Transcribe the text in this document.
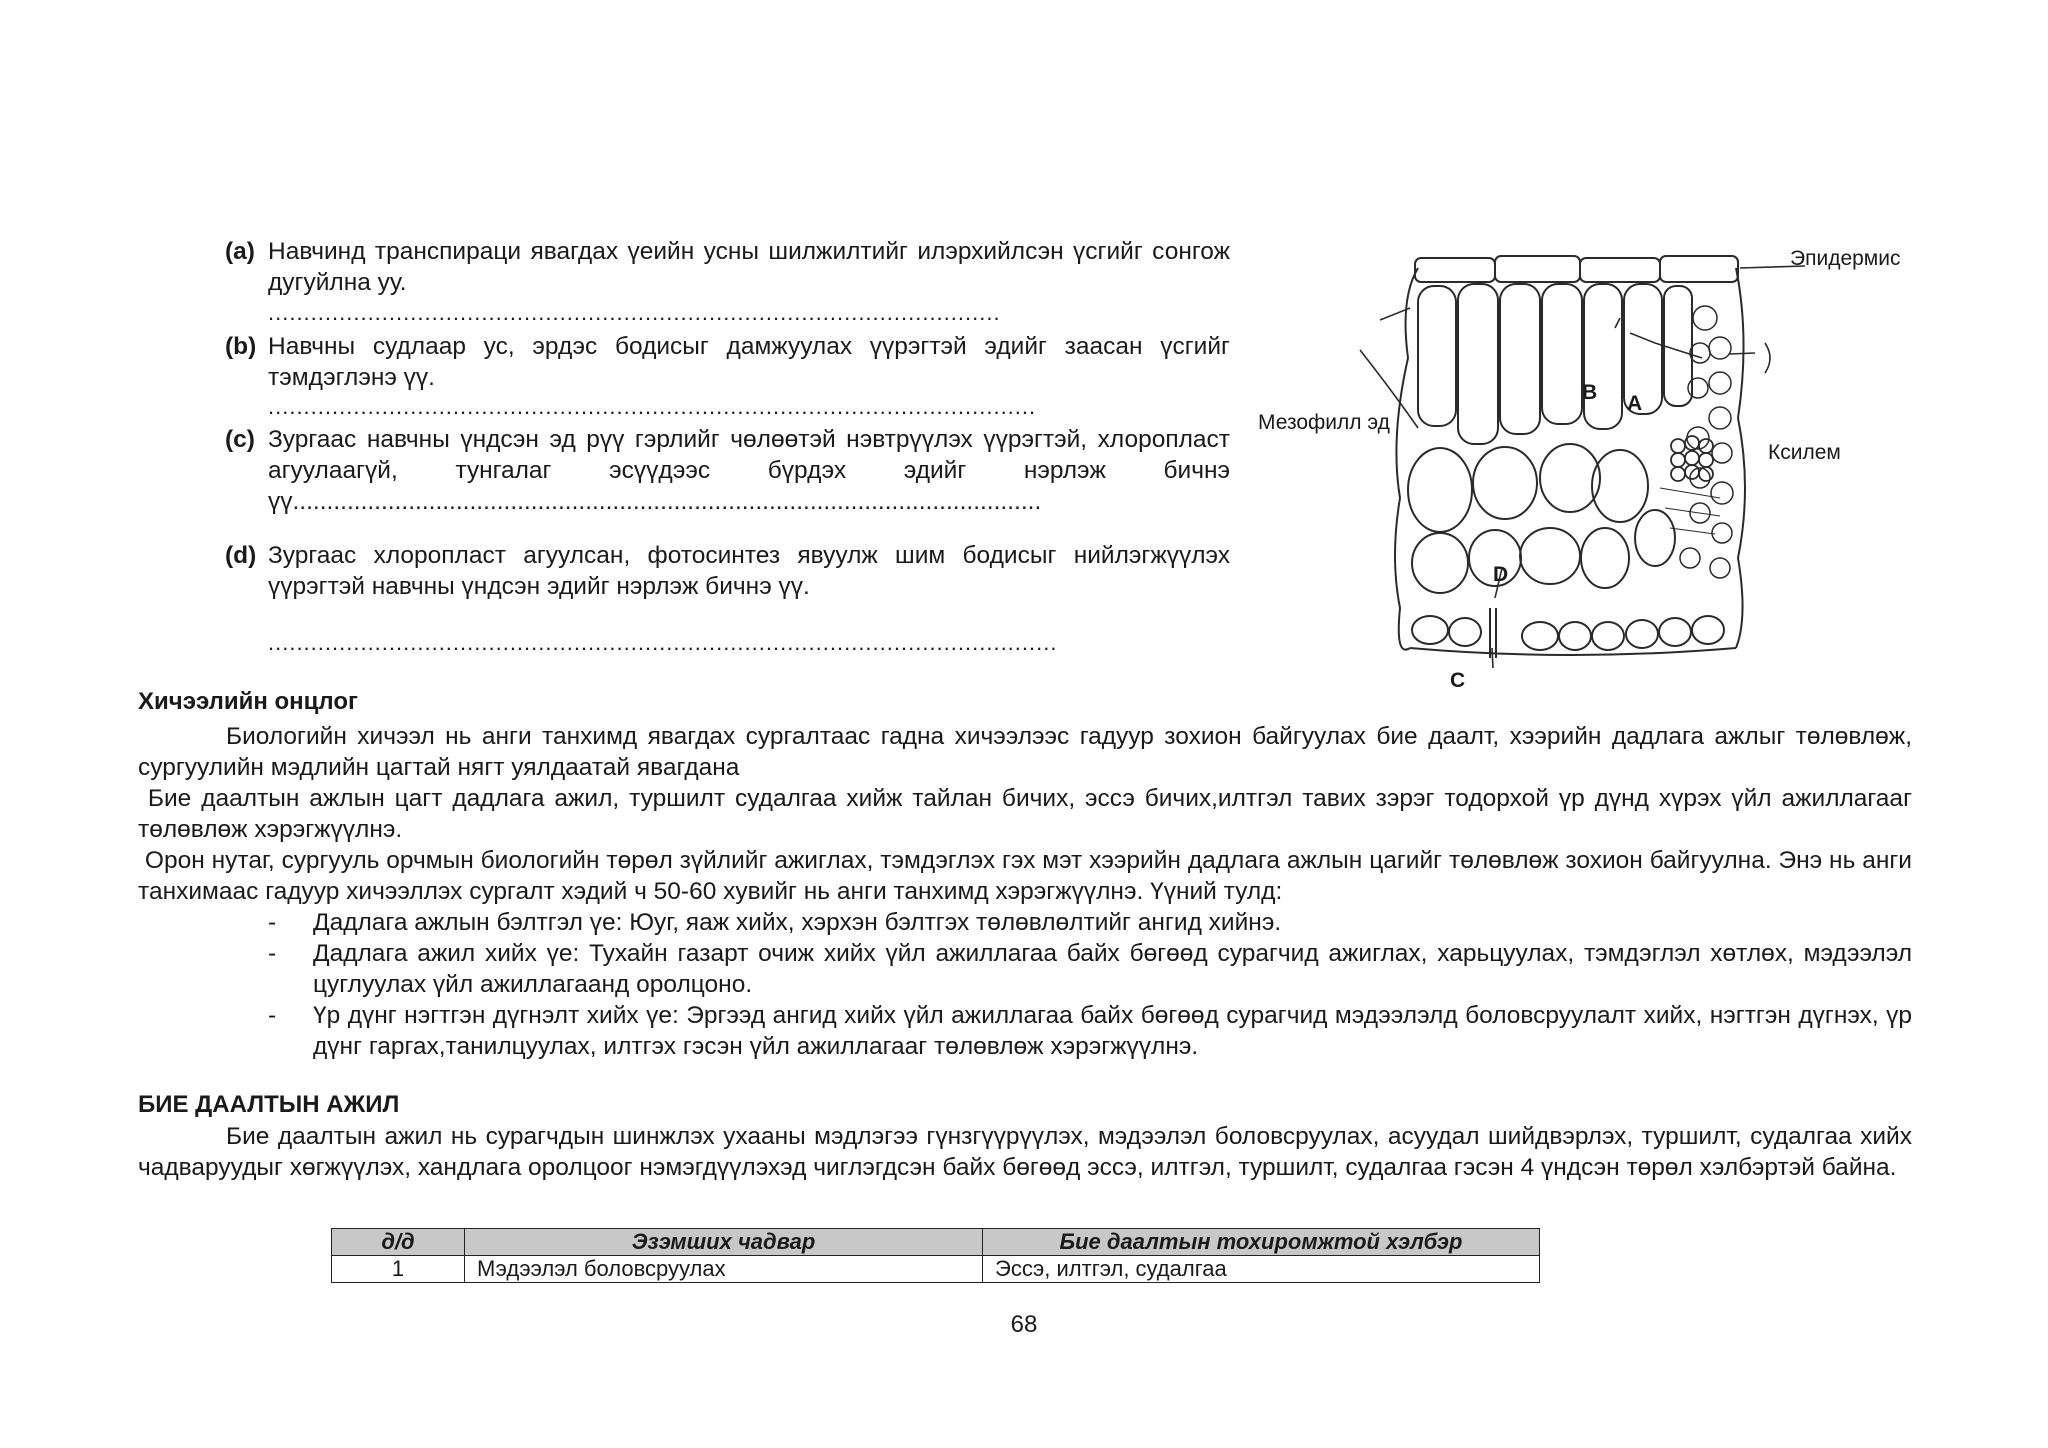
(a) Навчинд транспираци явагдах үеийн усны шилжилтийг илэрхийлсэн үсгийг сонгож дугуйлна уу.
.......................................................................................................
(b) Навчны судлаар ус, эрдэс бодисыг дамжуулах үүрэгтэй эдийг заасан үсгийг тэмдэглэнэ үү.
............................................................................................................
(c) Зургаас навчны үндсэн эд рүү гэрлийг чөлөөтэй нэвтрүүлэх үүрэгтэй, хлоропласт агуулаагүй, тунгалаг эсүүдээс бүрдэх эдийг нэрлэж бичнэ үү..............................................................................................................
(d) Зургаас хлоропласт агуулсан, фотосинтез явуулж шим бодисыг нийлэгжүүлэх үүрэгтэй навчны үндсэн эдийг нэрлэж бичнэ үү.
...............................................................................................................
Эпидермис
Мезофилл эд
Ксилем
B A
D
C
Хичээлийн онцлог
Биологийн хичээл нь анги танхимд явагдах сургалтаас гадна хичээлээс гадуур зохион байгуулах бие даалт, хээрийн дадлага ажлыг төлөвлөж, сургуулийн мэдлийн цагтай нягт уялдаатай явагдана
Бие даалтын ажлын цагт дадлага ажил, туршилт судалгаа хийж тайлан бичих, эссэ бичих,илтгэл тавих зэрэг тодорхой үр дүнд хүрэх үйл ажиллагааг төлөвлөж хэрэгжүүлнэ.
Орон нутаг, сургууль орчмын биологийн төрөл зүйлийг ажиглах, тэмдэглэх гэх мэт хээрийн дадлага ажлын цагийг төлөвлөж зохион байгуулна. Энэ нь анги танхимаас гадуур хичээллэх сургалт хэдий ч 50-60 хувийг нь анги танхимд хэрэгжүүлнэ. Үүний тулд:
- Дадлага ажлын бэлтгэл үе: Юуг, яаж хийх, хэрхэн бэлтгэх төлөвлөлтийг ангид хийнэ.
- Дадлага ажил хийх үе: Тухайн газарт очиж хийх үйл ажиллагаа байх бөгөөд сурагчид ажиглах, харьцуулах, тэмдэглэл хөтлөх, мэдээлэл цуглуулах үйл ажиллагаанд оролцоно.
- Үр дүнг нэгтгэн дүгнэлт хийх үе: Эргээд ангид хийх үйл ажиллагаа байх бөгөөд сурагчид мэдээлэлд боловсруулалт хийх, нэгтгэн дүгнэх, үр дүнг гаргах,танилцуулах, илтгэх гэсэн үйл ажиллагааг төлөвлөж хэрэгжүүлнэ.
БИЕ ДААЛТЫН АЖИЛ
Бие даалтын ажил нь сурагчдын шинжлэх ухааны мэдлэгээ гүнзгүүрүүлэх, мэдээлэл боловсруулах, асуудал шийдвэрлэх, туршилт, судалгаа хийх чадваруудыг хөгжүүлэх, хандлага оролцоог нэмэгдүүлэхэд чиглэгдсэн байх бөгөөд эссэ, илтгэл, туршилт, судалгаа гэсэн 4 үндсэн төрөл хэлбэртэй байна.
д/д	Эзэмших чадвар	Бие даалтын тохиромжтой хэлбэр
1	Мэдээлэл боловсруулах	Эссэ, илтгэл, судалгаа
68
